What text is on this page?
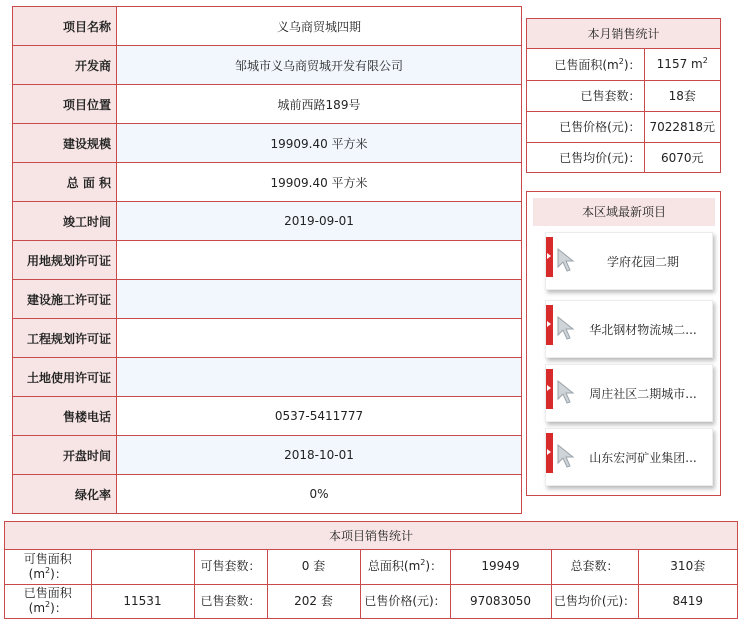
项目名称	义乌商贸城四期
开发商	邹城市义乌商贸城开发有限公司
项目位置	城前西路189号
建设规模	19909.40 平方米
总 面 积	19909.40 平方米
竣工时间	2019-09-01
用地规划许可证	
建设施工许可证	
工程规划许可证	
土地使用许可证	
售楼电话	0537-5411777
开盘时间	2018-10-01
绿化率	0%
本月销售统计
已售面积$(m^2)$：	1157 $m^2$
已售套数：	18套
已售价格(元)：	7022818元
已售均价(元)：	6070元
本区域最新项目
学府花园二期
华北钢材物流城二...
周庄社区二期城市...
山东宏河矿业集团...
本项目销售统计
可售面积
$(m^2)$：		可售套数：	0 套	总面积$(m^2)$：	19949	总套数：	310套
已售面积
$(m^2)$：	11531	已售套数：	202 套	已售价格(元)：	97083050	已售均价(元)：	8419
